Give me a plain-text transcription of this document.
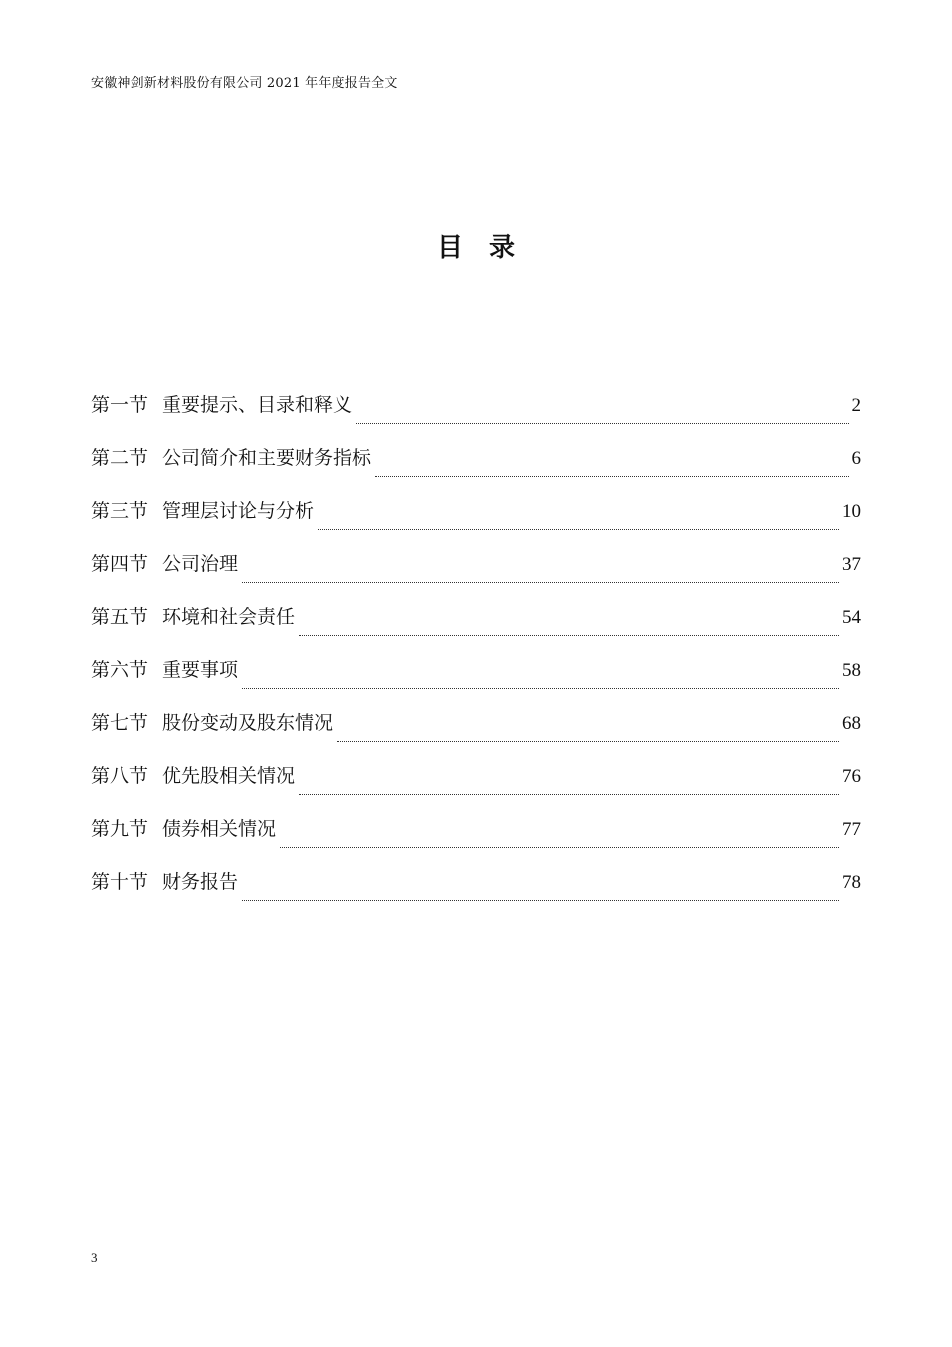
安徽神剑新材料股份有限公司 2021 年年度报告全文
目录
第一节 重要提示、目录和释义	2
第二节 公司简介和主要财务指标	6
第三节 管理层讨论与分析	10
第四节 公司治理	37
第五节 环境和社会责任	54
第六节 重要事项	58
第七节 股份变动及股东情况	68
第八节 优先股相关情况	76
第九节 债券相关情况	77
第十节 财务报告	78
3
